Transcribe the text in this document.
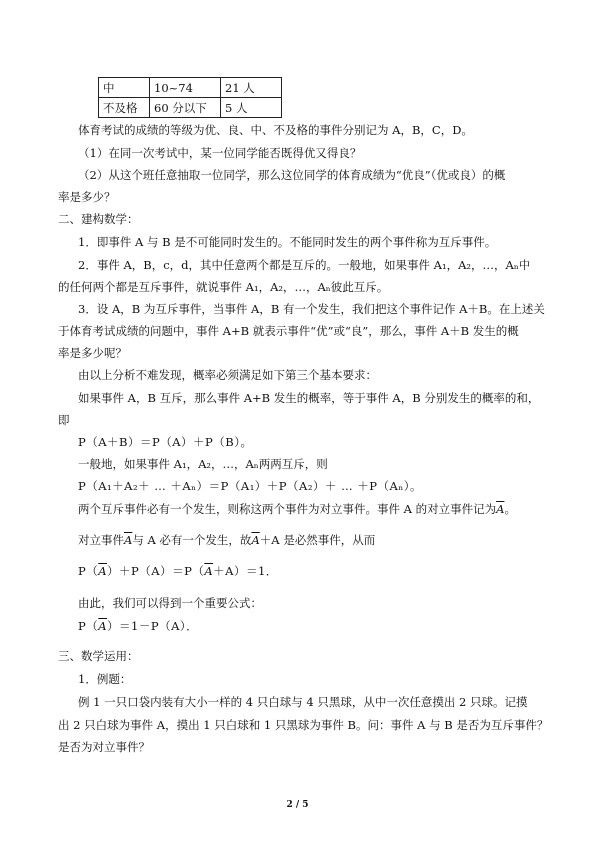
中	10~74	21 人
不及格	60 分以下	5 人
体育考试的成绩的等级为优、良、中、不及格的事件分别记为 A，B，C，D。
（1）在同一次考试中，某一位同学能否既得优又得良？
（2）从这个班任意抽取一位同学，那么这位同学的体育成绩为“优良”（优或良）的概
率是多少？
二、建构数学：
1．即事件 A 与 B 是不可能同时发生的。不能同时发生的两个事件称为互斥事件。
2．事件 A，B，c，d，其中任意两个都是互斥的。一般地，如果事件 A₁，A₂，…，Aₙ中
的任何两个都是互斥事件，就说事件 A₁，A₂，…，Aₙ彼此互斥。
3．设 A，B 为互斥事件，当事件 A，B 有一个发生，我们把这个事件记作 A＋B。在上述关
于体育考试成绩的问题中，事件 A+B 就表示事件“优”或“良”，那么，事件 A＋B 发生的概
率是多少呢？
由以上分析不难发现，概率必须满足如下第三个基本要求：
如果事件 A，B 互斥，那么事件 A+B 发生的概率，等于事件 A，B 分别发生的概率的和，
即
P（A＋B）＝P（A）＋P（B）。
一般地，如果事件 A₁，A₂，…，Aₙ两两互斥，则
P（A₁＋A₂＋ … ＋Aₙ）＝P（A₁）＋P（A₂）＋ … ＋P（Aₙ）。
两个互斥事件必有一个发生，则称这两个事件为对立事件。事件 A 的对立事件记为$\overline{A}$。
对立事件$\overline{A}$与 A 必有一个发生，故$\overline{A}+A$ 是必然事件，从而
$P(\overline{A})+P(A)=P(\overline{A}+A)=1$．
由此，我们可以得到一个重要公式：
$P(\overline{A})=1-P(A)$．
三、数学运用：
1．例题：
例 1 一只口袋内装有大小一样的 4 只白球与 4 只黑球，从中一次任意摸出 2 只球。记摸
出 2 只白球为事件 A，摸出 1 只白球和 1 只黑球为事件 B。问：事件 A 与 B 是否为互斥事件？
是否为对立事件？
2 / 5
